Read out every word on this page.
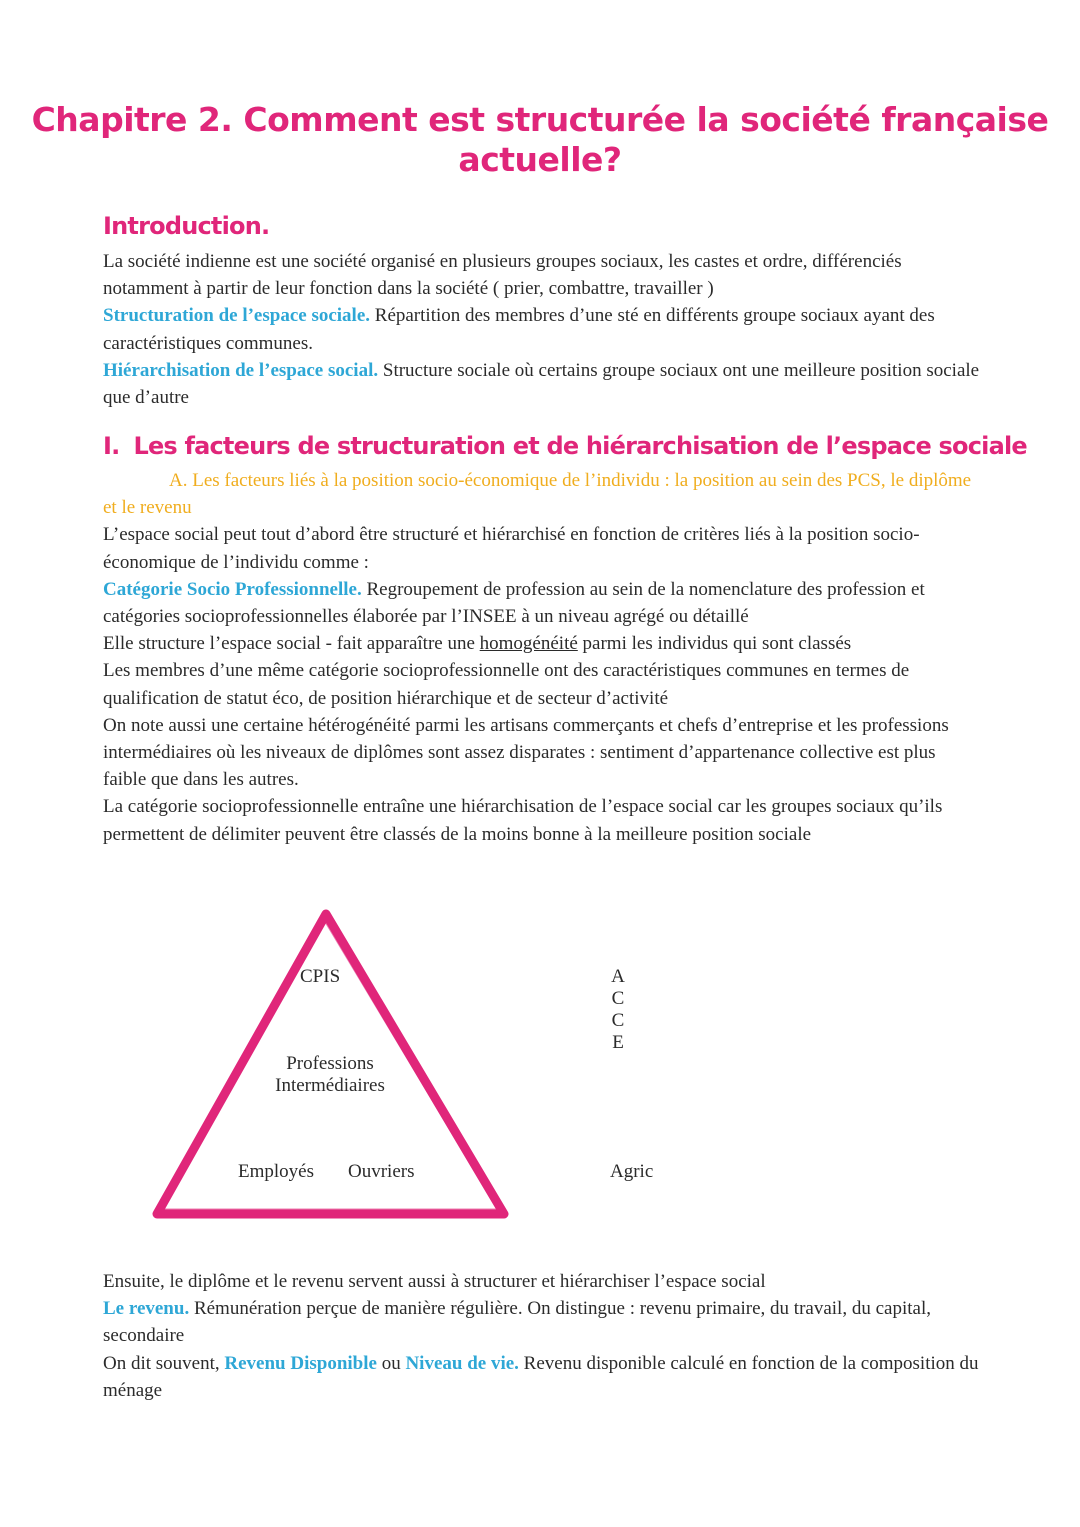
Chapitre 2. Comment est structurée la société française
actuelle?
Introduction.

La société indienne est une société organisé en plusieurs groupes sociaux, les castes et ordre, différenciés notamment à partir de leur fonction dans la société ( prier, combattre, travailler )

Structuration de l’espace sociale. Répartition des membres d’une sté en différents groupe sociaux ayant des caractéristiques communes.

Hiérarchisation de l’espace social. Structure sociale où certains groupe sociaux ont une meilleure position sociale que d’autre

I. Les facteurs de structuration et de hiérarchisation de l’espace sociale

A. Les facteurs liés à la position socio-économique de l’individu : la position au sein des PCS, le diplôme et le revenu

L’espace social peut tout d’abord être structuré et hiérarchisé en fonction de critères liés à la position socio-économique de l’individu comme :

Catégorie Socio Professionnelle. Regroupement de profession au sein de la nomenclature des profession et catégories socioprofessionnelles élaborée par l’INSEE à un niveau agrégé ou détaillé

Elle structure l’espace social - fait apparaître une homogénéité parmi les individus qui sont classés

Les membres d’une même catégorie socioprofessionnelle ont des caractéristiques communes en termes de qualification de statut éco, de position hiérarchique et de secteur d’activité

On note aussi une certaine hétérogénéité parmi les artisans commerçants et chefs d’entreprise et les professions intermédiaires où les niveaux de diplômes sont assez disparates : sentiment d’appartenance collective est plus faible que dans les autres.

La catégorie socioprofessionnelle entraîne une hiérarchisation de l’espace social car les groupes sociaux qu’ils permettent de délimiter peuvent être classés de la moins bonne à la meilleure position sociale

CPIS
Professions
Intermédiaires
Employés Ouvriers
A
C
C
E
Agric

Ensuite, le diplôme et le revenu servent aussi à structurer et hiérarchiser l’espace social

Le revenu. Rémunération perçue de manière régulière. On distingue : revenu primaire, du travail, du capital, secondaire

On dit souvent, Revenu Disponible ou Niveau de vie. Revenu disponible calculé en fonction de la composition du ménage
